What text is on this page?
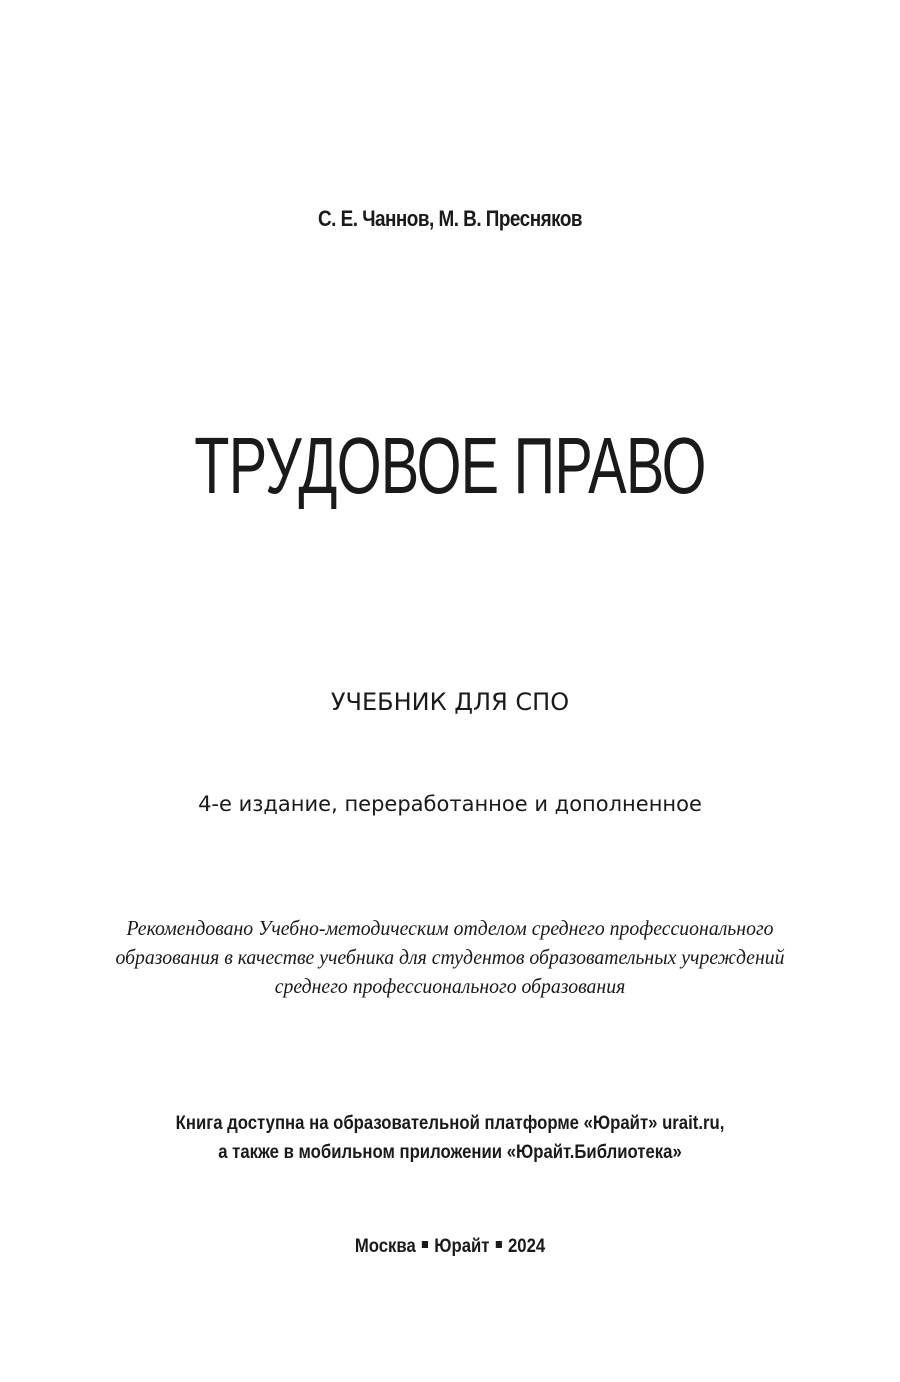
С. Е. Чаннов, М. В. Пресняков
ТРУДОВОЕ ПРАВО
УЧЕБНИК ДЛЯ СПО
4-е издание, переработанное и дополненное
Рекомендовано Учебно-методическим отделом среднего профессионального
образования в качестве учебника для студентов образовательных учреждений
среднего профессионального образования
Книга доступна на образовательной платформе «Юрайт» urait.ru,
а также в мобильном приложении «Юрайт.Библиотека»
Москва Юрайт 2024
